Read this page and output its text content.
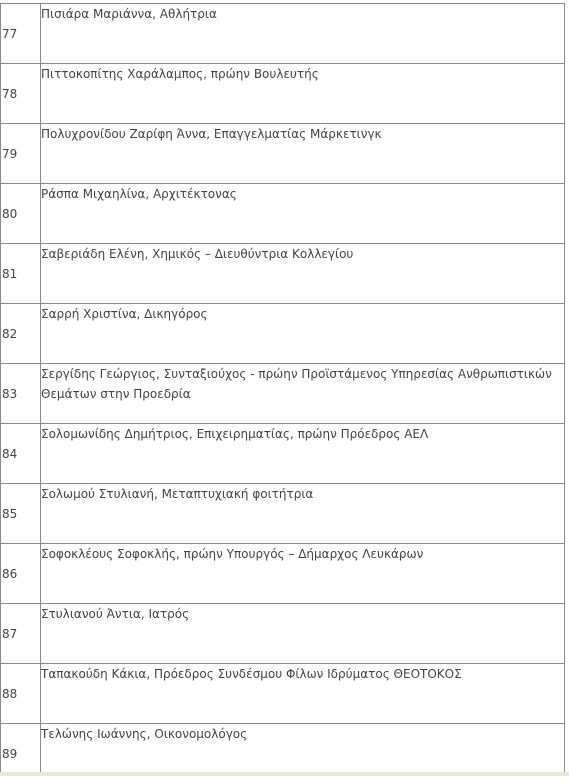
77	Πισιάρα Μαριάννα, Αθλήτρια
78	Πιττοκοπίτης Χαράλαμπος, πρώην Βουλευτής
79	Πολυχρονίδου Ζαρίφη Άννα, Επαγγελματίας Μάρκετινγκ
80	Ράσπα Μιχαηλίνα, Αρχιτέκτονας
81	Σαβεριάδη Ελένη, Χημικός – Διευθύντρια Κολλεγίου
82	Σαρρή Χριστίνα, Δικηγόρος
83	Σεργίδης Γεώργιος, Συνταξιούχος - πρώην Προϊστάμενος Υπηρεσίας Ανθρωπιστικών Θεμάτων στην Προεδρία
84	Σολομωνίδης Δημήτριος, Επιχειρηματίας, πρώην Πρόεδρος ΑΕΛ
85	Σολωμού Στυλιανή, Μεταπτυχιακή φοιτήτρια
86	Σοφοκλέους Σοφοκλής, πρώην Υπουργός – Δήμαρχος Λευκάρων
87	Στυλιανού Άντια, Ιατρός
88	Ταπακούδη Κάκια, Πρόεδρος Συνδέσμου Φίλων Ιδρύματος ΘΕΟΤΟΚΟΣ
89	Τελώνης Ιωάννης, Οικονομολόγος
